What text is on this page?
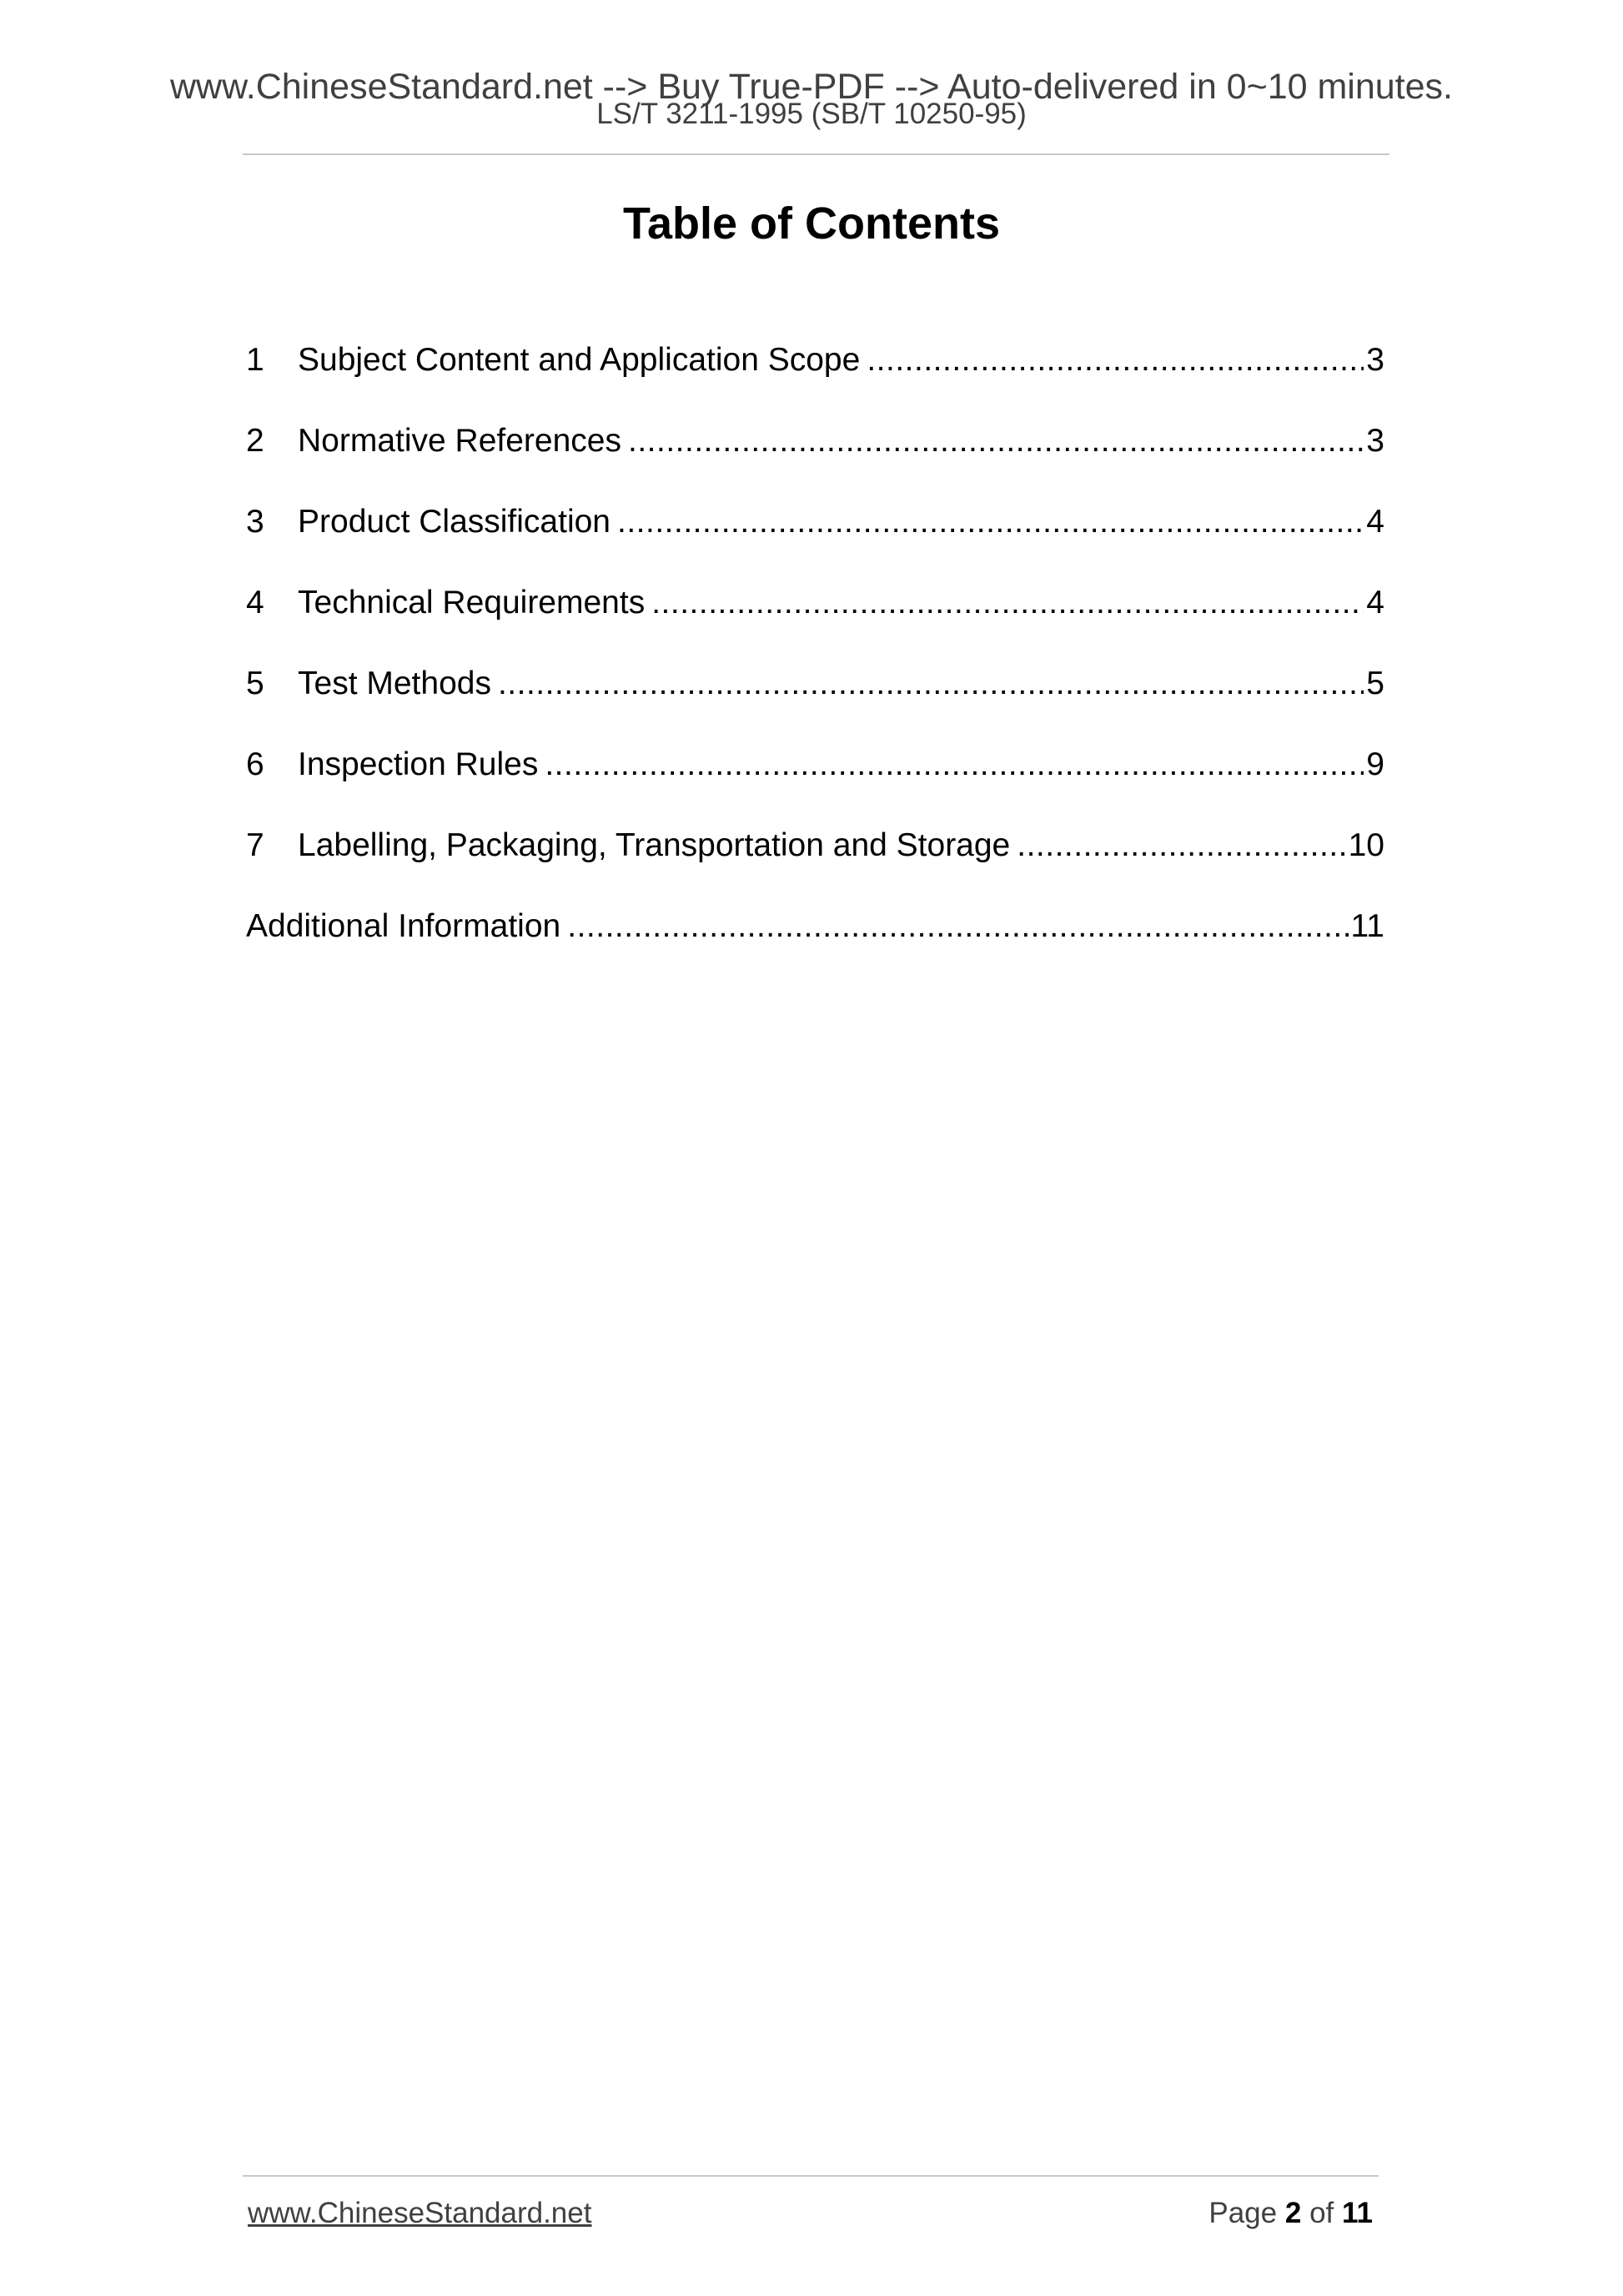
www.ChineseStandard.net --> Buy True-PDF --> Auto-delivered in 0~10 minutes.
LS/T 3211-1995 (SB/T 10250-95)
Table of Contents
1	Subject Content and Application Scope .....	3
2	Normative References .....	3
3	Product Classification .....	4
4	Technical Requirements .....	4
5	Test Methods .....	5
6	Inspection Rules .....	9
7	Labelling, Packaging, Transportation and Storage .....	10
Additional Information .....	11
www.ChineseStandard.net	Page 2 of 11
